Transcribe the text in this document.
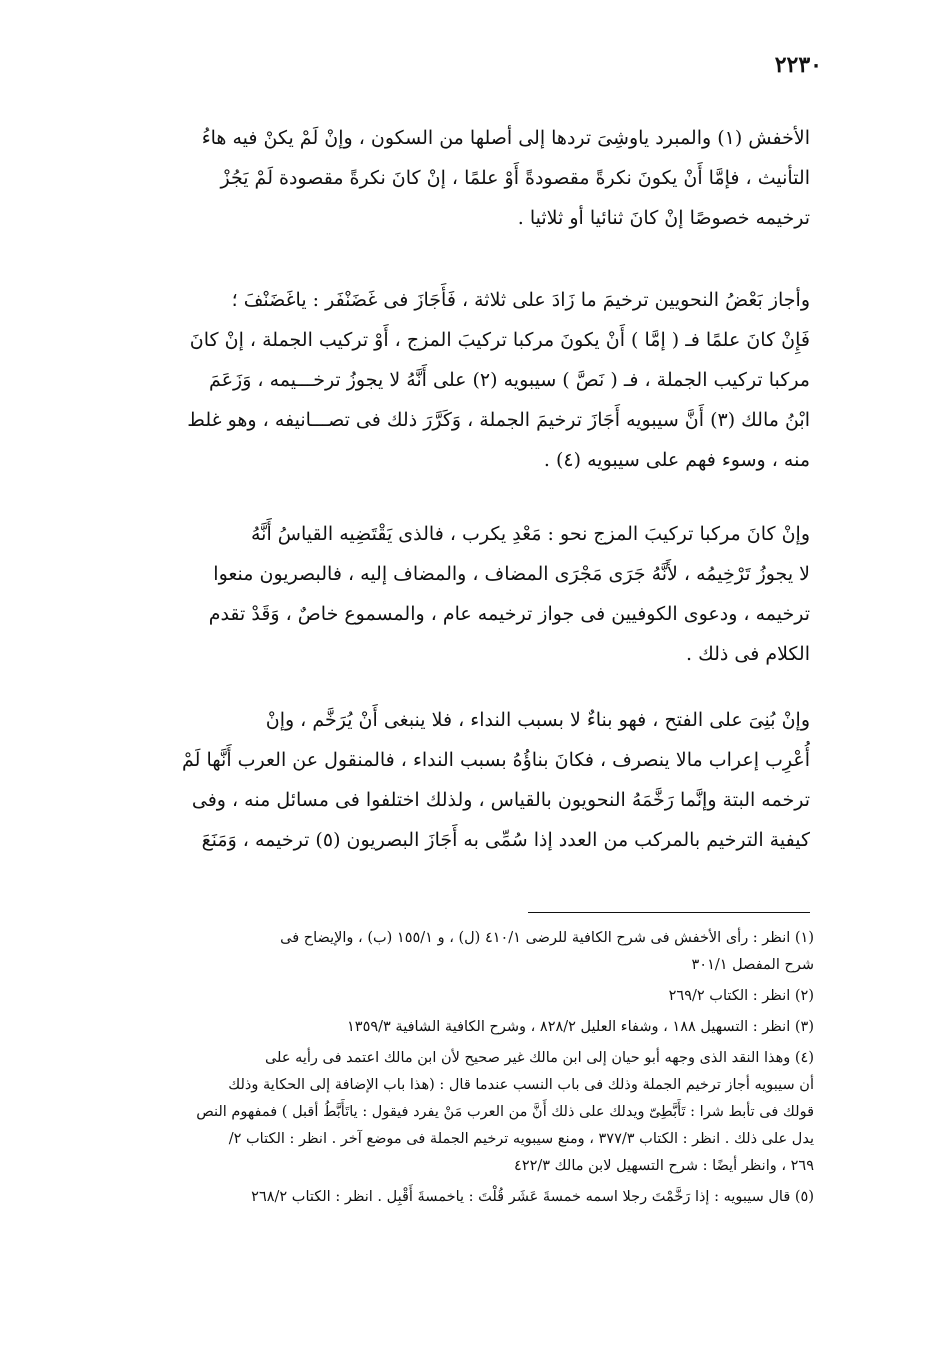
٢٢٣٠
الأخفش (١) والمبرد ياوشِىَ تردها إلى أصلها من السكون ، وإنْ لَمْ يكنْ فيه هاءُ
التأنيث ، فإمَّا أَنْ يكونَ نكرةً مقصودةً أَوْ علمًا ، إنْ كانَ نكرةً مقصودة لَمْ يَجُزْ
ترخيمه خصوصًا إنْ كانَ ثنائيا أو ثلاثيا .
وأجاز بَعْضُ النحويين ترخيمَ ما زَادَ على ثلاثة ، فَأَجَازَ فى غَضَنْفَر : ياغَضَنْفَ ؛
فَإِنْ كانَ علمًا فـ ( إمَّا ) أَنْ يكونَ مركبا تركيبَ المزج ، أَوْ تركيب الجملة ، إنْ كانَ
مركبا تركيب الجملة ، فـ ( نَصَّ ) سيبويه (٢) على أَنَّهُ لا يجوزُ ترخـــيمه ، وَزَعَمَ
ابْنُ مالك (٣) أَنَّ سيبويه أَجَازَ ترخيمَ الجملة ، وَكَرَّرَ ذلك فى تصـــانيفه ، وهو غلط
منه ، وسوء فهم على سيبويه (٤) .
وإنْ كانَ مركبا تركيبَ المزج نحو : مَعْدِ يكرب ، فالذى يَقْتَضِيه القياسُ أَنَّهُ
لا يجوزُ تَرْخِيمُه ، لأَنَّهُ جَرَى مَجْرَى المضاف ، والمضاف إليه ، فالبصريون منعوا
ترخيمه ، ودعوى الكوفيين فى جواز ترخيمه عام ، والمسموع خاصٌ ، وَقَدْ تقدم
الكلام فى ذلك .
وإنْ بُنِىَ على الفتح ، فهو بناءٌ لا بسبب النداء ، فلا ينبغى أَنْ يُرَخَّم ، وإنْ
أُعْرِب إعراب مالا ينصرف ، فكانَ بناؤُهُ بسبب النداء ، فالمنقول عن العرب أَنَّها لَمْ
ترخمه البتة وإنَّما رَخَّمَهُ النحويون بالقياس ، ولذلك اختلفوا فى مسائل منه ، وفى
كيفية الترخيم بالمركب من العدد إذا سُمِّى به أَجَازَ البصريون (٥) ترخيمه ، وَمَنَعَ
(١) انظر : رأى الأخفش فى شرح الكافية للرضى ٤١٠/١ (ل) ، و ١٥٥/١ (ب) ، والإيضاح فى
شرح المفصل ٣٠١/١
(٢) انظر : الكتاب ٢٦٩/٢
(٣) انظر : التسهيل ١٨٨ ، وشفاء العليل ٨٢٨/٢ ، وشرح الكافية الشافية ١٣٥٩/٣
(٤) وهذا النقد الذى وجهه أبو حيان إلى ابن مالك غير صحيح لأن ابن مالك اعتمد فى رأيه على
أن سيبويه أجاز ترخيم الجملة وذلك فى باب النسب عندما قال : (هذا باب الإضافة إلى الحكاية وذلك
قولك فى تأبط شرا : تَأَبَّطِىّ ويدلك على ذلك أَنَّ من العرب مَنْ يفرد فيقول : ياتَأَبَّطُ أقبل ) فمفهوم النص
يدل على ذلك . انظر : الكتاب ٣٧٧/٣ ، ومنع سيبويه ترخيم الجملة فى موضع آخر . انظر : الكتاب ٢/
٢٦٩ ، وانظر أيضًا : شرح التسهيل لابن مالك ٤٢٢/٣
(٥) قال سيبويه : إذا رَخَّمْتَ رجلا اسمه خمسةَ عَشَر قُلْتَ : ياخمسةَ أَقْبِل . انظر : الكتاب ٢٦٨/٢
